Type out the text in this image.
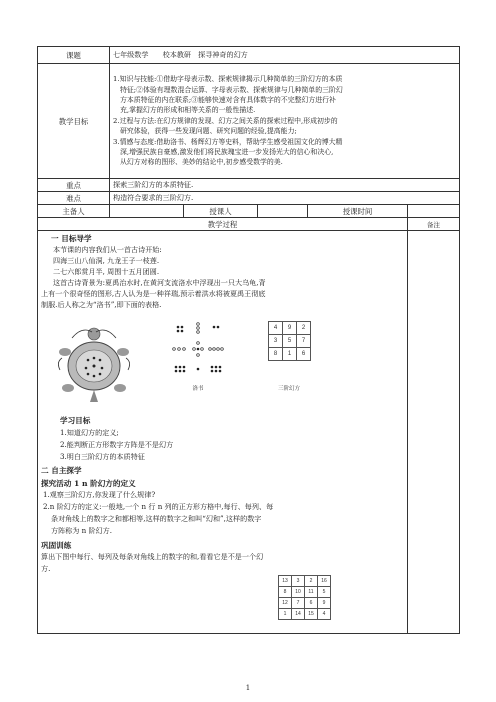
课题	七年级数学　　校本教研　探寻神奇的幻方
教学目标	
1.知识与技能:①借助字母表示数、探索规律揭示几种简单的三阶幻方的本质
特征;②体验有理数混合运算、字母表示数、探索规律与几种简单的三阶幻
方本质特征的内在联系;③能够快速对含有具体数字的不完整幻方进行补
充,掌握幻方的形成和相等关系的一般性描述.
2.过程与方法:在幻方规律的发现、幻方之间关系的探索过程中,形成初步的
研究体验，获得一些发现问题、研究问题的经验,提高能力;
3.情感与态度:借助洛书、杨辉幻方等史料，帮助学生感受祖国文化的博大精
深,增强民族自豪感,激发他们将民族瑰宝进一步发扬光大的信心和决心,
从幻方对称的图形、美妙的结论中,初步感受数学的美.

重点	探索三阶幻方的本质特征.
难点	构造符合要求的三阶幻方.
主备人		授课人		授课时间	
教学过程	备注

一 目标导学
本节课的内容我们从一首古诗开始:
四海三山八仙洞, 九龙王子一枝莲.
二七六郎赏月半, 周围十五月团圆.
这首古诗背景为:夏禹治水时,在黄河支流洛水中浮现出一只大乌龟,背
上有一个很奇怪的图形,古人认为是一种祥瑞,预示着洪水将被夏禹王彻底
制服.后人称之为“洛书”,即下面的表格.
洛书
4	9	2
3	5	7
8	1	6
三阶幻方
学习目标
1.知道幻方的定义;
2.能判断正方形数字方阵是不是幻方
3.明白三阶幻方的本质特征
二 自主探学
探究活动 1 n 阶幻方的定义
1.观察三阶幻方,你发现了什么规律?
2.n 阶幻方的定义:一般地,一个 n 行 n 列的正方形方格中,每行、每列、每
条对角线上的数字之和都相等,这样的数字之和叫“幻和”,这样的数字
方阵称为 n 阶幻方.
巩固训练
算出下图中每行、每列及每条对角线上的数字的和,看看它是不是一个幻
方.
13	3	2	16
8	10	11	5
12	7	6	9
1	14	15	4

1
